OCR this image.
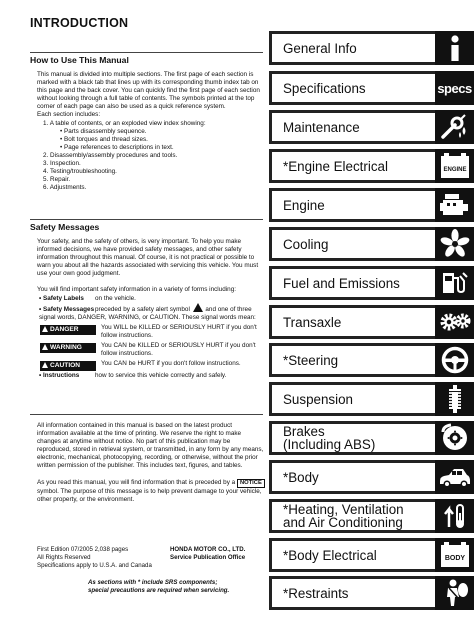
INTRODUCTION
How to Use This Manual

This manual is divided into multiple sections. The first page of each section is marked with a black tab that lines up with its corresponding thumb index tab on this page and the back cover. You can quickly find the first page of each section without looking through a full table of contents. The symbols printed at the top corner of each page can also be used as a quick reference system.

Each section includes:

1. A table of contents, or an exploded view index showing:

• Parts disassembly sequence.

• Bolt torques and thread sizes.

• Page references to descriptions in text.

2. Disassembly/assembly procedures and tools.

3. Inspection.

4. Testing/troubleshooting.

5. Repair.

6. Adjustments.

Safety Messages

Your safety, and the safety of others, is very important. To help you make informed decisions, we have provided safety messages, and other safety information throughout this manual. Of course, it is not practical or possible to warn you about all the hazards associated with servicing this vehicle. You must use your own good judgment.

You will find important safety information in a variety of forms including:

• Safety Labels on the vehicle.

• Safety Messagespreceded by a safety alert symbol and one of three signal words, DANGER, WARNING, or CAUTION. These signal words mean:

DANGER	You WILL be KILLED or SERIOUSLY HURT if you don't follow instructions.
WARNING	You CAN be KILLED or SERIOUSLY HURT if you don't follow instructions.
CAUTION	You CAN be HURT if you don't follow instructions.

• Instructions how to service this vehicle correctly and safely.

All information contained in this manual is based on the latest product information available at the time of printing. We reserve the right to make changes at anytime without notice. No part of this publication may be reproduced, stored in retrieval system, or transmitted, in any form by any means, electronic, mechanical, photocopying, recording, or otherwise, without the prior written permission of the publisher. This includes text, figures, and tables.

As you read this manual, you will find information that is preceded by a NOTICE symbol. The purpose of this message is to help prevent damage to your vehicle, other property, or the environment.

First Edition 07/2005 2,038 pages

All Rights Reserved

Specifications apply to U.S.A. and Canada

HONDA MOTOR CO., LTD.

Service Publication Office

As sections with * include SRS components;

special precautions are required when servicing.

General Info
Specifications	specs
Maintenance
*Engine Electrical	ENGINE
Engine
Cooling
Fuel and Emissions
Transaxle
*Steering
Suspension
Brakes
(Including ABS)
*Body
*Heating, Ventilation
and Air Conditioning
*Body Electrical	BODY
*Restraints
